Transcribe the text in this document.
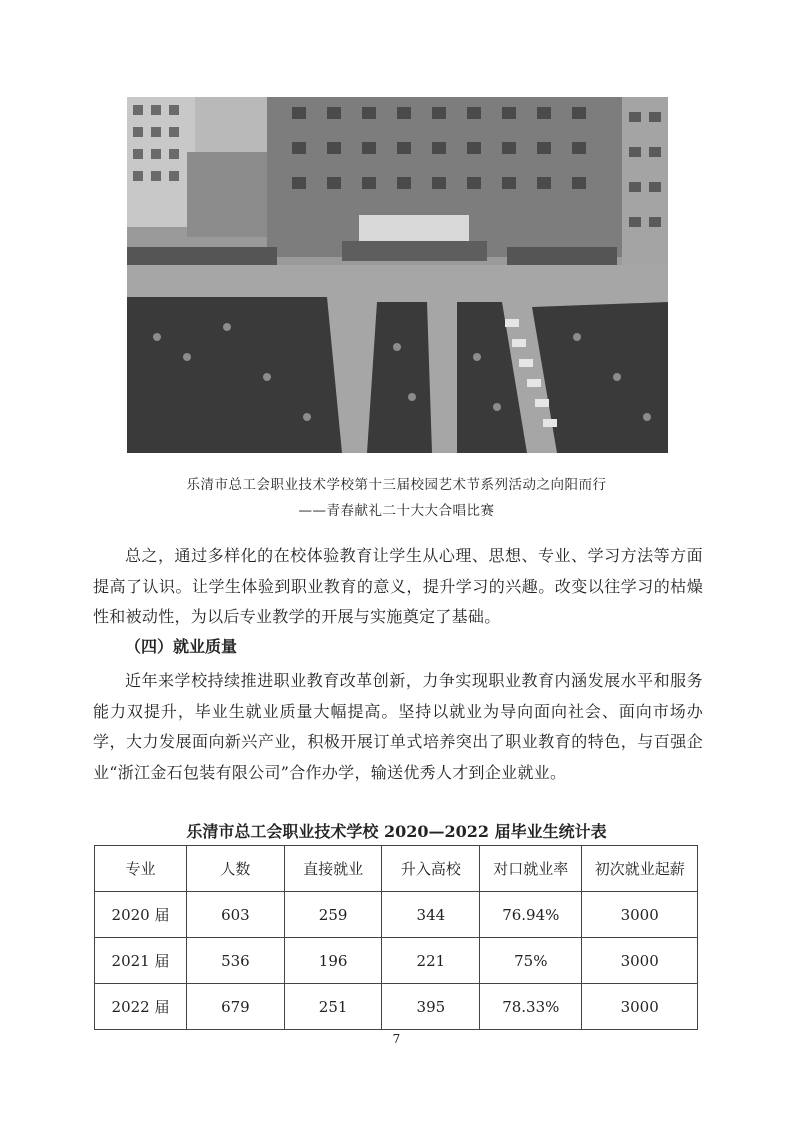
乐清市总工会职业技术学校第十三届校园艺术节系列活动之向阳而行
——青春献礼二十大大合唱比赛

总之，通过多样化的在校体验教育让学生从心理、思想、专业、学习方法等方面提高了认识。让学生体验到职业教育的意义，提升学习的兴趣。改变以往学习的枯燥性和被动性，为以后专业教学的开展与实施奠定了基础。

（四）就业质量

近年来学校持续推进职业教育改革创新，力争实现职业教育内涵发展水平和服务能力双提升，毕业生就业质量大幅提高。坚持以就业为导向面向社会、面向市场办学，大力发展面向新兴产业，积极开展订单式培养突出了职业教育的特色，与百强企业“浙江金石包装有限公司”合作办学，输送优秀人才到企业就业。

乐清市总工会职业技术学校 2020—2022 届毕业生统计表
专业	人数	直接就业	升入高校	对口就业率	初次就业起薪
2020 届	603	259	344	76.94%	3000
2021 届	536	196	221	75%	3000
2022 届	679	251	395	78.33%	3000
7
